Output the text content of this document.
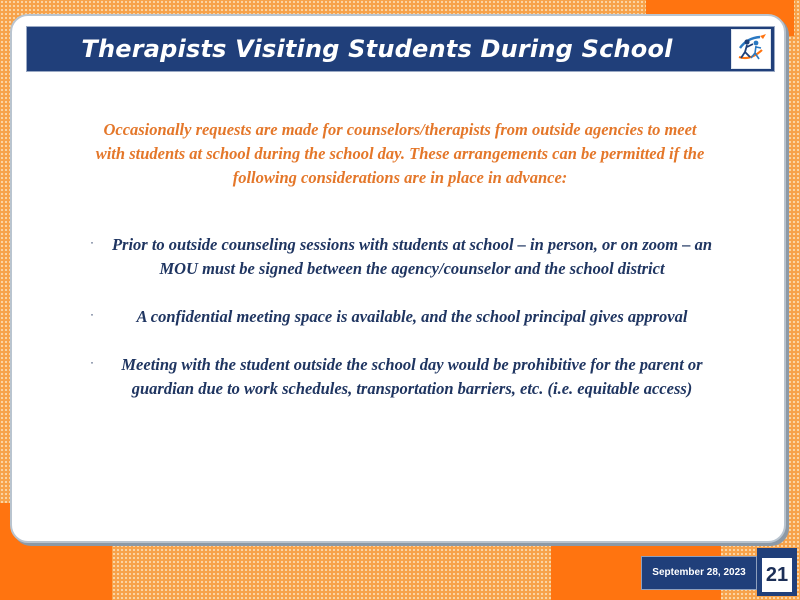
Therapists Visiting Students During School
Occasionally requests are made for counselors/therapists from outside agencies to meet with students at school during the school day. These arrangements can be permitted if the following considerations are in place in advance:
·	Prior to outside counseling sessions with students at school – in person, or on zoom – an MOU must be signed between the agency/counselor and the school district
·	A confidential meeting space is available, and the school principal gives approval
·	Meeting with the student outside the school day would be prohibitive for the parent or guardian due to work schedules, transportation barriers, etc. (i.e. equitable access)
September 28, 2023	21
